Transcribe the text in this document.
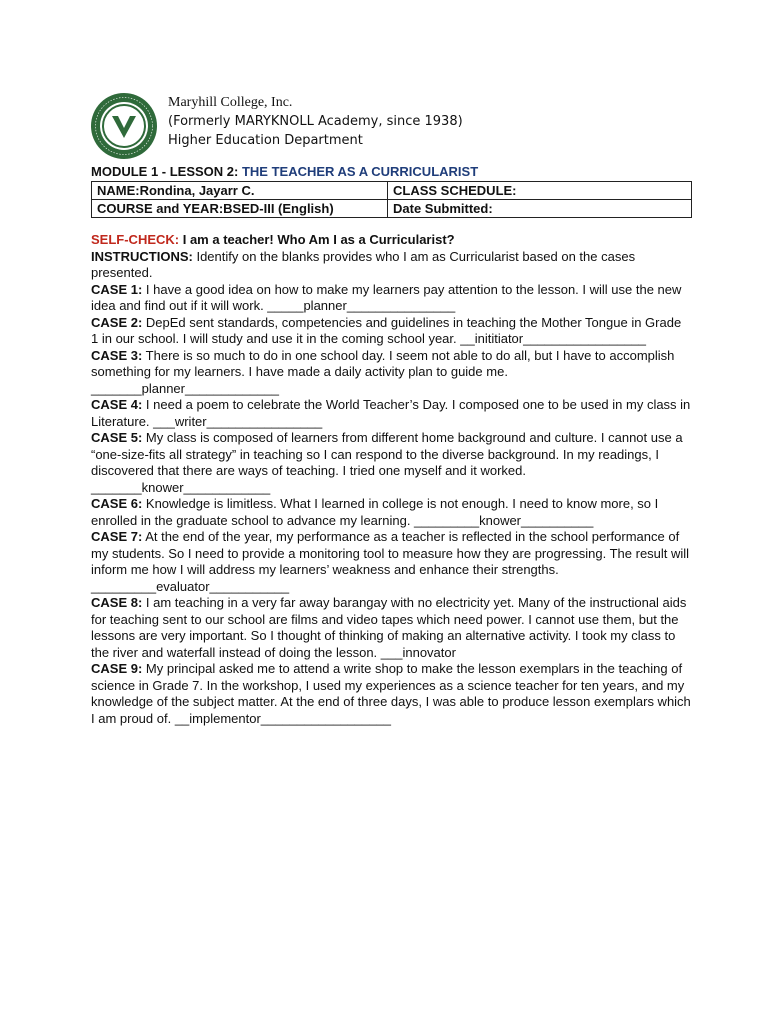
Maryhill College, Inc.
(Formerly MARYKNOLL Academy, since 1938)
Higher Education Department
MODULE 1 - LESSON 2: THE TEACHER AS A CURRICULARIST
NAME:Rondina, Jayarr C.	CLASS SCHEDULE:
COURSE and YEAR:BSED-III (English)	Date Submitted:

SELF-CHECK: I am a teacher! Who Am I as a Curricularist?

INSTRUCTIONS: Identify on the blanks provides who I am as Curricularist based on the cases presented.

CASE 1: I have a good idea on how to make my learners pay attention to the lesson. I will use the new idea and find out if it will work. _____planner_______________

CASE 2: DepEd sent standards, competencies and guidelines in teaching the Mother Tongue in Grade 1 in our school. I will study and use it in the coming school year. __inititiator_________________

CASE 3: There is so much to do in one school day. I seem not able to do all, but I have to accomplish something for my learners. I have made a daily activity plan to guide me. _______planner_____________

CASE 4: I need a poem to celebrate the World Teacher’s Day. I composed one to be used in my class in Literature. ___writer________________

CASE 5: My class is composed of learners from different home background and culture. I cannot use a “one-size-fits all strategy” in teaching so I can respond to the diverse background. In my readings, I discovered that there are ways of teaching. I tried one myself and it worked. _______knower____________

CASE 6: Knowledge is limitless. What I learned in college is not enough. I need to know more, so I enrolled in the graduate school to advance my learning. _________knower__________

CASE 7: At the end of the year, my performance as a teacher is reflected in the school performance of my students. So I need to provide a monitoring tool to measure how they are progressing. The result will inform me how I will address my learners’ weakness and enhance their strengths. _________evaluator___________

CASE 8: I am teaching in a very far away barangay with no electricity yet. Many of the instructional aids for teaching sent to our school are films and video tapes which need power. I cannot use them, but the lessons are very important. So I thought of thinking of making an alternative activity. I took my class to the river and waterfall instead of doing the lesson. ___innovator

CASE 9: My principal asked me to attend a write shop to make the lesson exemplars in the teaching of science in Grade 7. In the workshop, I used my experiences as a science teacher for ten years, and my knowledge of the subject matter. At the end of three days, I was able to produce lesson exemplars which I am proud of. __implementor__________________
